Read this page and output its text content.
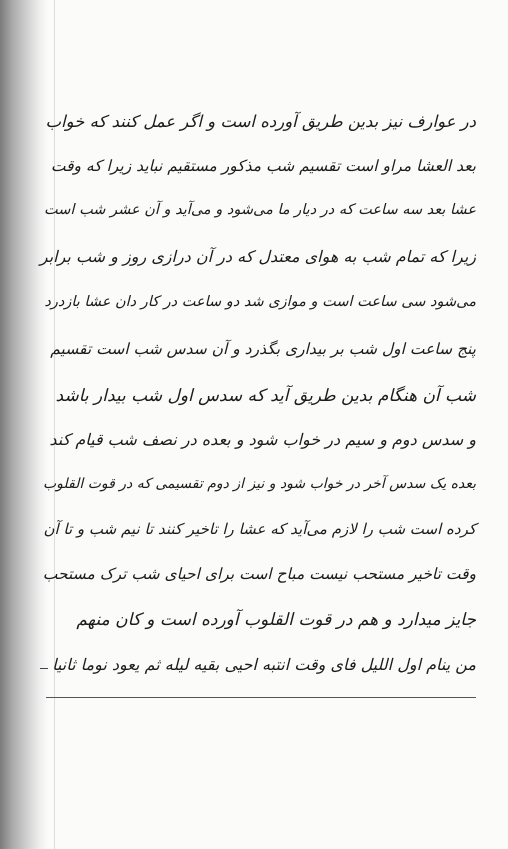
در عوارف نیز بدین طریق آورده است و اگر عمل کنند که خواب
بعد العشا مراو است تقسیم شب مذکور مستقیم نباید زیرا که وقت
عشا بعد سه ساعت که در دیار ما می‌شود و می‌آید و آن عشر شب است
زیرا که تمام شب به هوای معتدل که در آن درازی روز و شب برابر
می‌شود سی ساعت است و موازی شد دو ساعت در کار دان عشا بازدرد
پنج ساعت اول شب بر بیداری بگذرد و آن سدس شب است تقسیم
شب آن هنگام بدین طریق آید که سدس اول شب بیدار باشد
و سدس دوم و سیم در خواب شود و بعده در نصف شب قیام کند
بعده یک سدس آخر در خواب شود و نیز از دوم تقسیمی که در قوت القلوب
کرده است شب را لازم می‌آید که عشا را تاخیر کنند تا نیم شب و تا آن
وقت تاخیر مستحب نیست مباح است برای احیای شب ترک مستحب
جایز میدارد و هم در قوت القلوب آورده است و کان منهم
من ینام اول اللیل فای وقت انتبه احیی بقیه لیله ثم یعود نوما ثانیا
